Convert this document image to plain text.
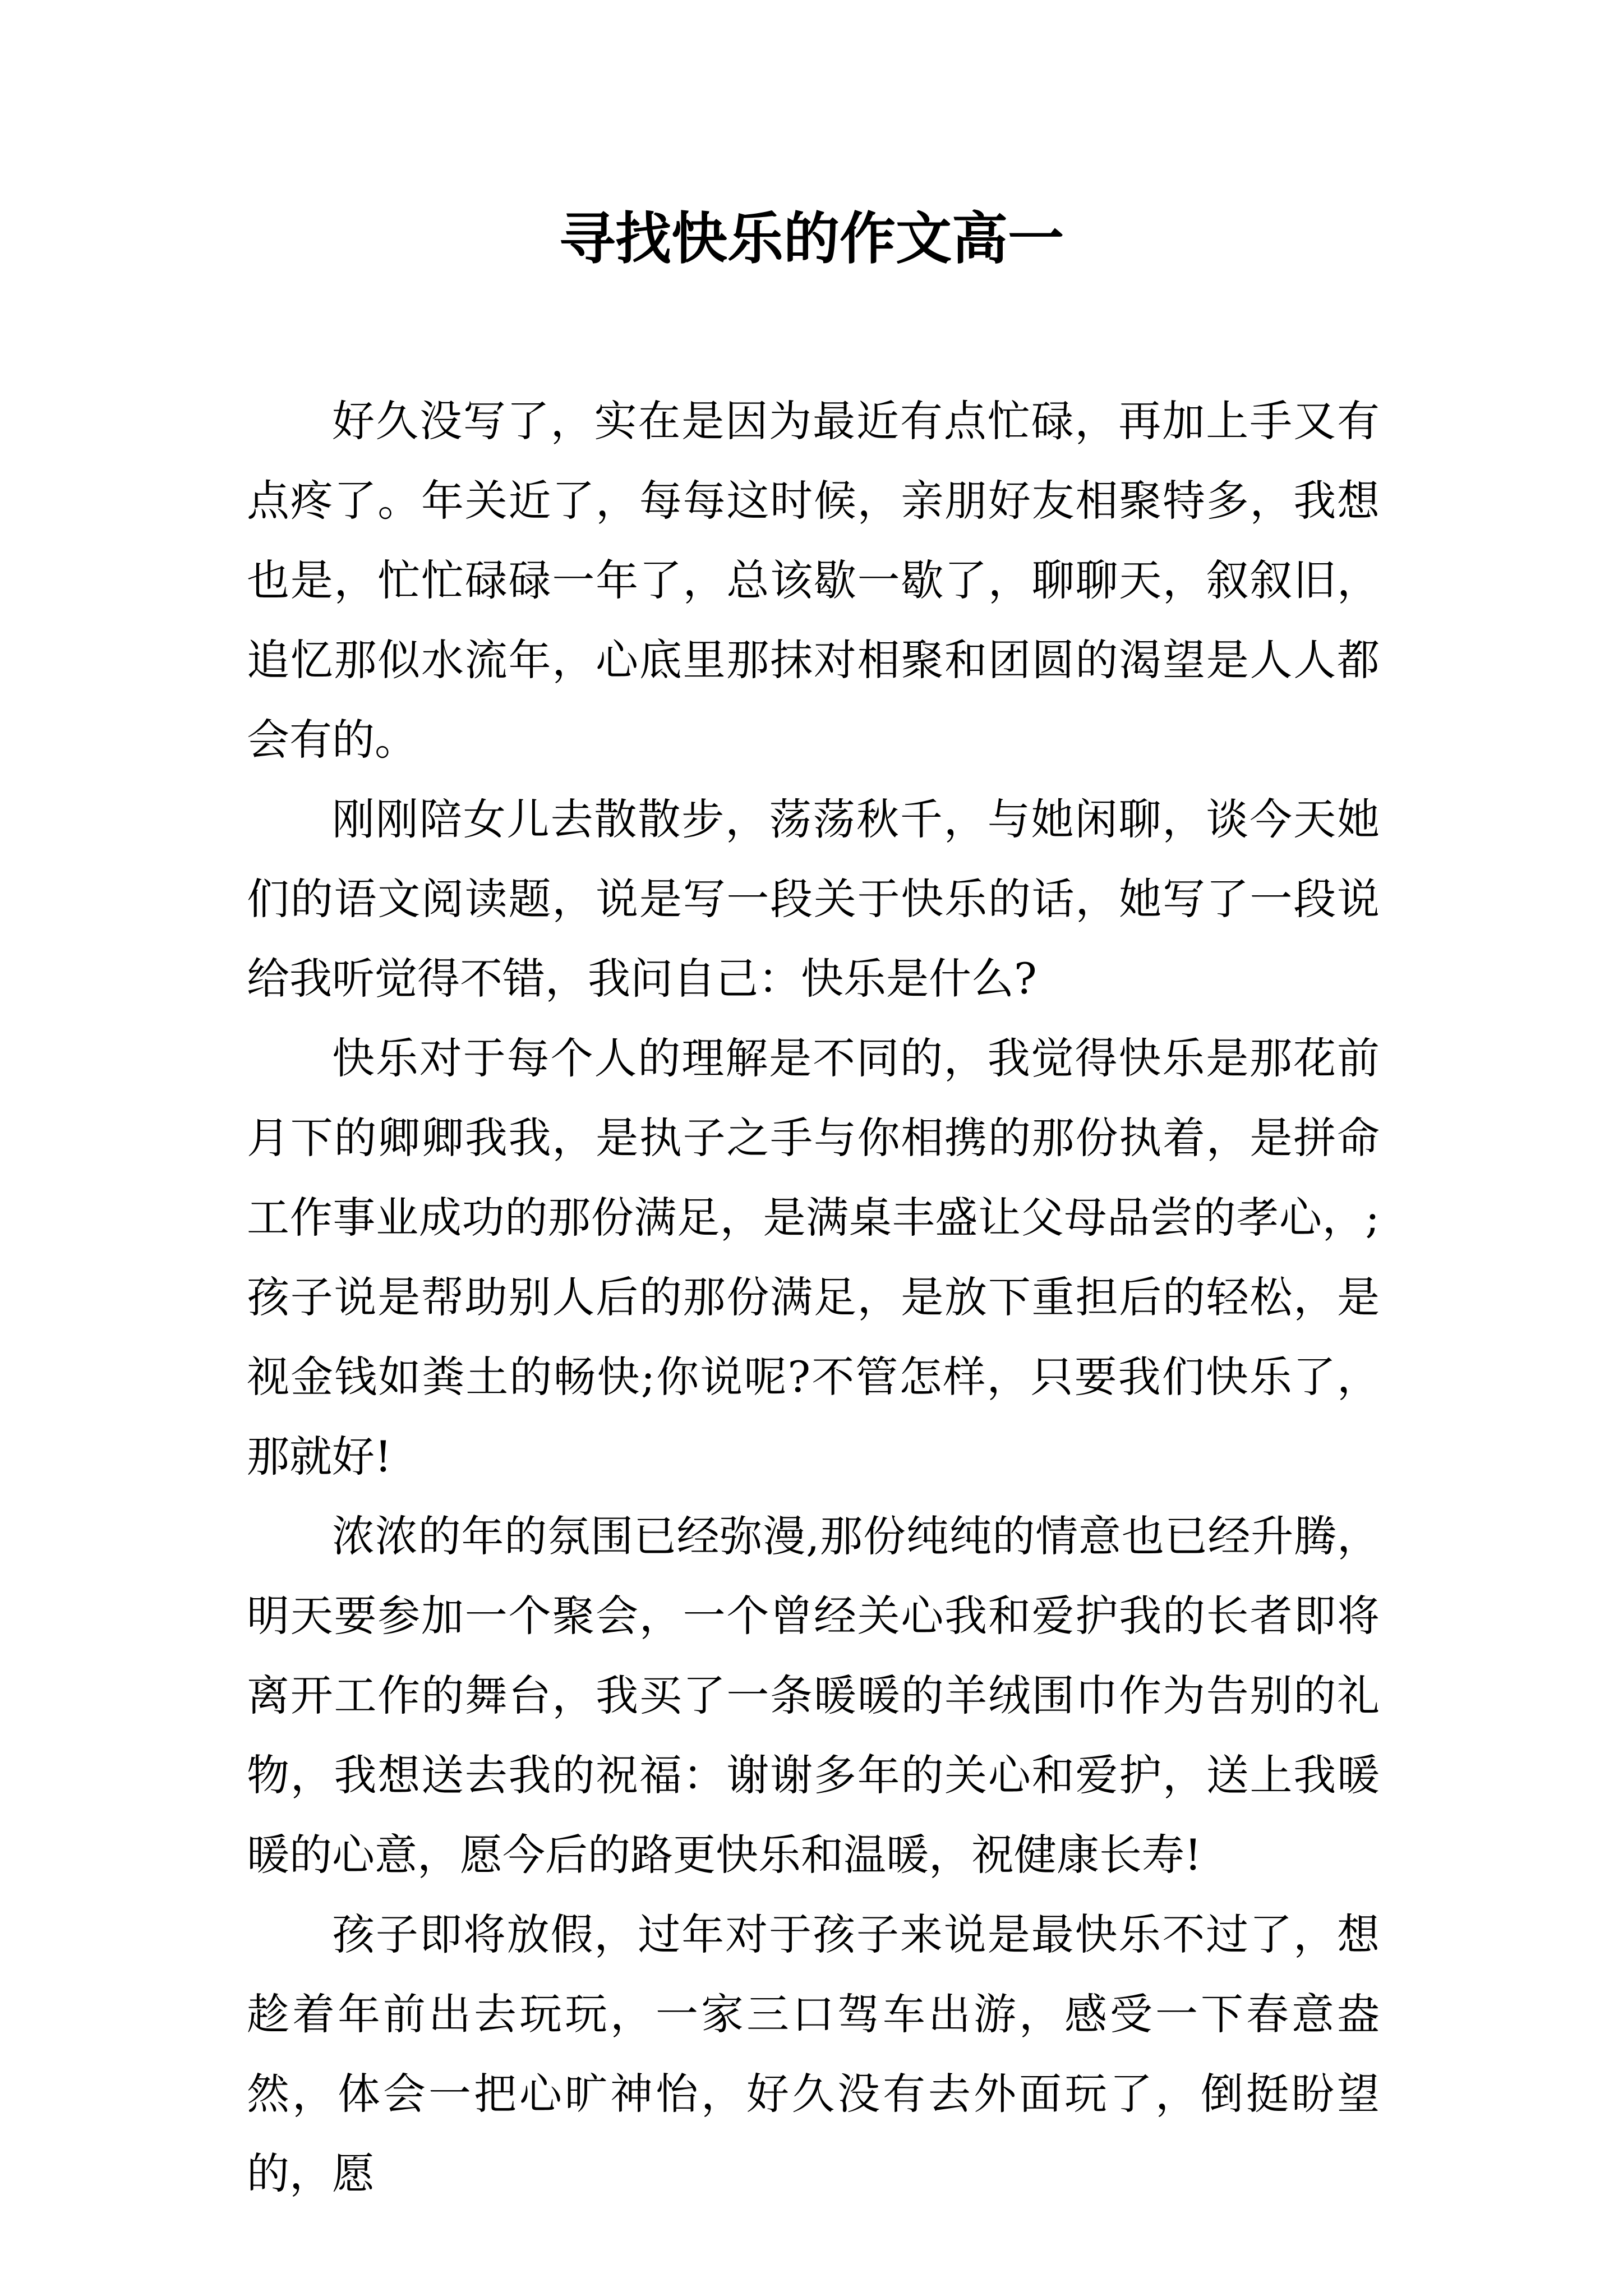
寻找快乐的作文高一

好久没写了，实在是因为最近有点忙碌，再加上手又有点疼了。年关近了，每每这时候，亲朋好友相聚特多，我想也是，忙忙碌碌一年了，总该歇一歇了，聊聊天，叙叙旧，追忆那似水流年，心底里那抹对相聚和团圆的渴望是人人都会有的。

刚刚陪女儿去散散步，荡荡秋千，与她闲聊，谈今天她们的语文阅读题，说是写一段关于快乐的话，她写了一段说给我听觉得不错，我问自己：快乐是什么?

快乐对于每个人的理解是不同的，我觉得快乐是那花前月下的卿卿我我，是执子之手与你相携的那份执着，是拼命工作事业成功的那份满足，是满桌丰盛让父母品尝的孝心，;孩子说是帮助别人后的那份满足，是放下重担后的轻松，是视金钱如粪土的畅快;你说呢?不管怎样，只要我们快乐了，那就好!

浓浓的年的氛围已经弥漫,那份纯纯的情意也已经升腾，明天要参加一个聚会，一个曾经关心我和爱护我的长者即将离开工作的舞台，我买了一条暖暖的羊绒围巾作为告别的礼物，我想送去我的祝福：谢谢多年的关心和爱护，送上我暖暖的心意，愿今后的路更快乐和温暖，祝健康长寿!

孩子即将放假，过年对于孩子来说是最快乐不过了，想趁着年前出去玩玩，一家三口驾车出游，感受一下春意盎然，体会一把心旷神怡，好久没有去外面玩了，倒挺盼望的，愿
